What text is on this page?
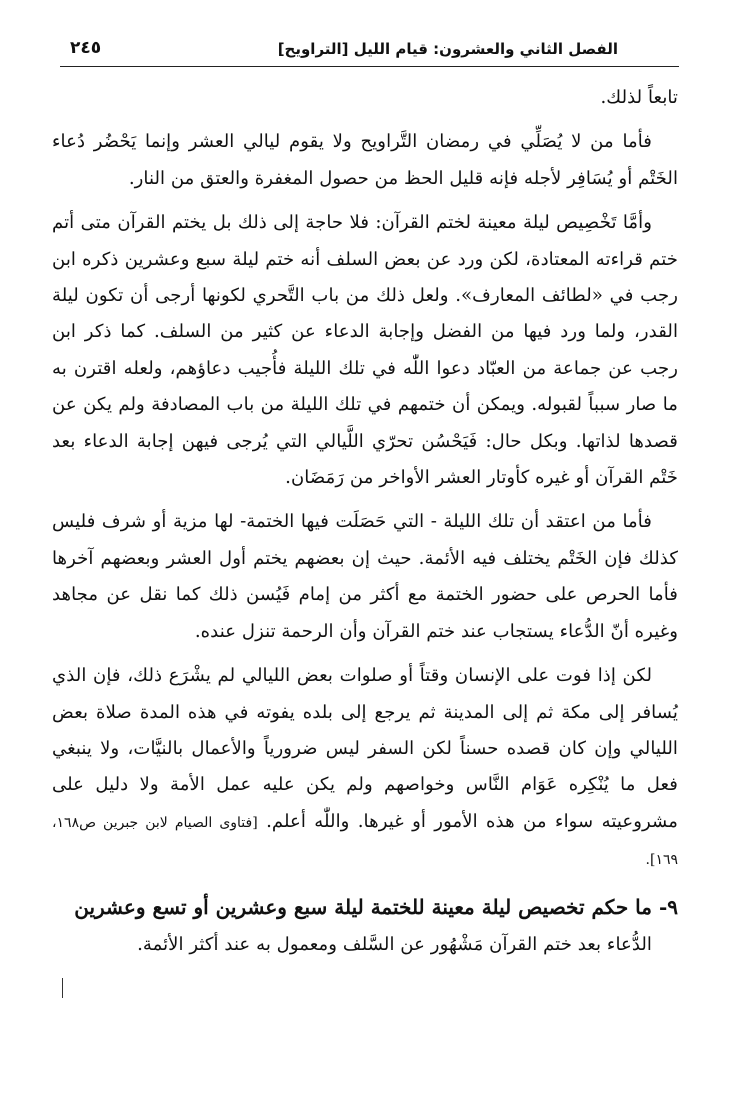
الفصل الثاني والعشرون: قيام الليل [التراويح]
٢٤٥

تابعاً لذلك.

فأما من لا يُصَلِّي في رمضان التَّراويح ولا يقوم ليالي العشر وإنما يَحْضُر دُعاء الخَتْم أو يُسَافِر لأجله فإنه قليل الحظ من حصول المغفرة والعتق من النار.

وأمَّا تَخْصِيص ليلة معينة لختم القرآن: فلا حاجة إلى ذلك بل يختم القرآن متى أتم ختم قراءته المعتادة، لكن ورد عن بعض السلف أنه ختم ليلة سبع وعشرين ذكره ابن رجب في «لطائف المعارف». ولعل ذلك من باب التَّحري لكونها أرجى أن تكون ليلة القدر، ولما ورد فيها من الفضل وإجابة الدعاء عن كثير من السلف. كما ذكر ابن رجب عن جماعة من العبّاد دعوا اللّٰه في تلك الليلة فأُجيب دعاؤهم، ولعله اقترن به ما صار سبباً لقبوله. ويمكن أن ختمهم في تلك الليلة من باب المصادفة ولم يكن عن قصدها لذاتها. وبكل حال: فَيَحْسُن تحرّي اللَّيالي التي يُرجى فيهن إجابة الدعاء بعد خَتْم القرآن أو غيره كأوتار العشر الأواخر من رَمَضَان.

فأما من اعتقد أن تلك الليلة - التي حَصَلَت فيها الختمة- لها مزية أو شرف فليس كذلك فإن الخَتْم يختلف فيه الأئمة. حيث إن بعضهم يختم أول العشر وبعضهم آخرها فأما الحرص على حضور الختمة مع أكثر من إمام فَيُسن ذلك كما نقل عن مجاهد وغيره أنّ الدُّعاء يستجاب عند ختم القرآن وأن الرحمة تنزل عنده.

لكن إذا فوت على الإنسان وقتاً أو صلوات بعض الليالي لم يشْرَع ذلك، فإن الذي يُسافر إلى مكة ثم إلى المدينة ثم يرجع إلى بلده يفوته في هذه المدة صلاة بعض الليالي وإن كان قصده حسناً لكن السفر ليس ضرورياً والأعمال بالنيَّات، ولا ينبغي فعل ما يُنْكِره عَوَام النَّاس وخواصهم ولم يكن عليه عمل الأمة ولا دليل على مشروعيته سواء من هذه الأمور أو غيرها. واللّٰه أعلم. [فتاوى الصيام لابن جبرين ص١٦٨، ١٦٩].

٩- ما حكم تخصيص ليلة معينة للختمة ليلة سبع وعشرين أو تسع وعشرين

الدُّعاء بعد ختم القرآن مَشْهُور عن السَّلف ومعمول به عند أكثر الأئمة.
